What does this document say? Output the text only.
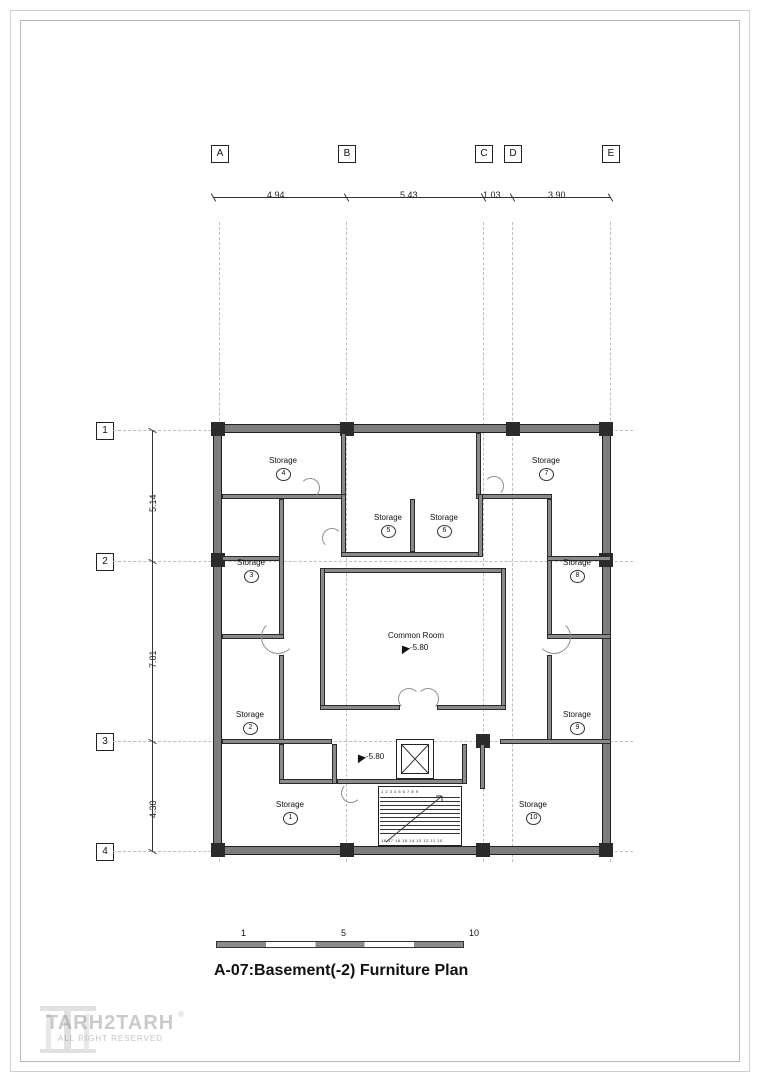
A	B	C	D	E
1
2
3
4
4.94	5.43	1.03	3.90
5.14
7.01
4.30
Storage
4
Storage
3
Storage
2
Storage
1
Storage
5
Storage
6
Storage
7
Storage
8
Storage
9
Storage
10
Common Room
-5.80
-5.80
1 2 3 4 5 6 7 8 9
18 17 16 15 14 13 12 11 10
1	5	10
A-07:Basement(-2) Furniture Plan
TARH2TARH
ALL RIGHT RESERVED
®
